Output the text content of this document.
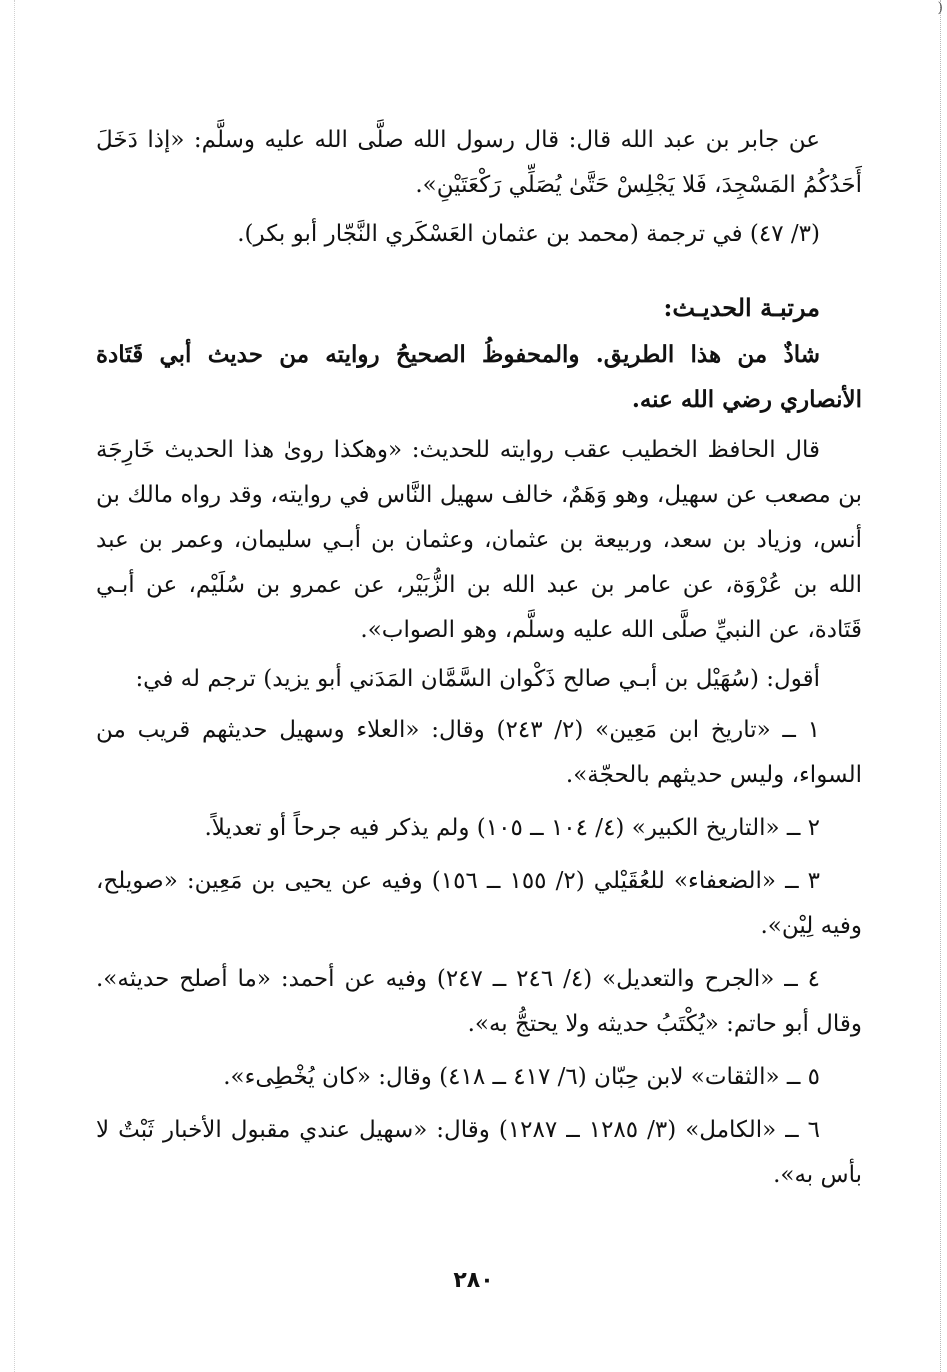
)

عن جابر بن عبد الله قال: قال رسول الله صلَّى الله عليه وسلَّم: «إذا دَخَلَ أَحَدُكُمُ المَسْجِدَ، فَلا يَجْلِسْ حَتَّىٰ يُصَلِّي رَكْعَتَيْنِ».

(٣/ ٤٧) في ترجمة (محمد بن عثمان العَسْكَري النَّجّار أبو بكر).

مرتبـة الحديـث:

شاذٌ من هذا الطريق. والمحفوظُ الصحيحُ روايته من حديث أبي قَتَادة الأنصاري رضي الله عنه.

قال الحافظ الخطيب عقب روايته للحديث: «وهكذا روىٰ هذا الحديث خَارِجَة بن مصعب عن سهيل، وهو وَهَمٌ، خالف سهيل النَّاس في روايته، وقد رواه مالك بن أنس، وزياد بن سعد، وربيعة بن عثمان، وعثمان بن أبـي سليمان، وعمر بن عبد الله بن عُرْوَة، عن عامر بن عبد الله بن الزُّبَيْر، عن عمرو بن سُلَيْم، عن أبـي قَتَادة، عن النبيِّ صلَّى الله عليه وسلَّم، وهو الصواب».

أقول: (سُهَيْل بن أبـي صالح ذَكْوان السَّمَّان المَدَني أبو يزيد) ترجم له في:

١ ــ «تاريخ ابن مَعِين» (٢/ ٢٤٣) وقال: «العلاء وسهيل حديثهم قريب من السواء، وليس حديثهم بالحجّة».

٢ ــ «التاريخ الكبير» (٤/ ١٠٤ ــ ١٠٥) ولم يذكر فيه جرحاً أو تعديلاً.

٣ ــ «الضعفاء» للعُقَيْلي (٢/ ١٥٥ ــ ١٥٦) وفيه عن يحيى بن مَعِين: «صويلح، وفيه لِيْن».

٤ ــ «الجرح والتعديل» (٤/ ٢٤٦ ــ ٢٤٧) وفيه عن أحمد: «ما أصلح حديثه». وقال أبو حاتم: «يُكْتَبُ حديثه ولا يحتجُّ به».

٥ ــ «الثقات» لابن حِبّان (٦/ ٤١٧ ــ ٤١٨) وقال: «كان يُخْطِىء».

٦ ــ «الكامل» (٣/ ١٢٨٥ ــ ١٢٨٧) وقال: «سهيل عندي مقبول الأخبار ثَبْتٌ لا بأس به».

٢٨٠
